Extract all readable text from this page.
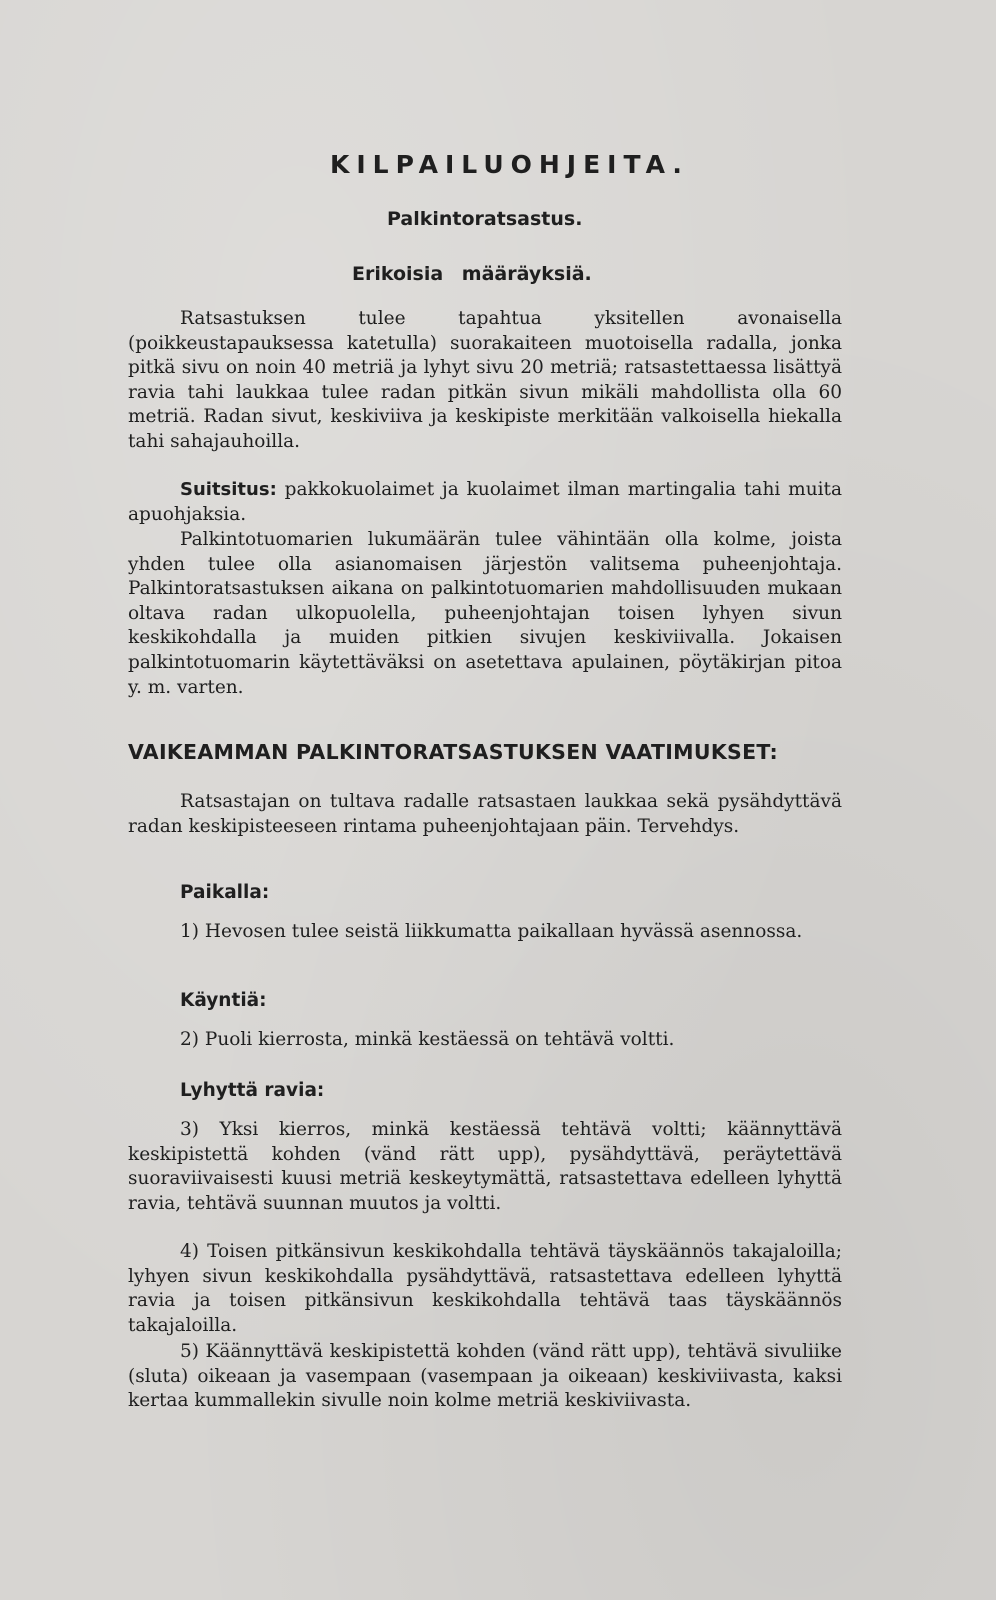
KILPAILUOHJEITA.
Palkintoratsastus.
Erikoisia määräyksiä.

Ratsastuksen tulee tapahtua yksitellen avonaisella (poikkeustapauksessa katetulla) suorakaiteen muotoisella radalla, jonka pitkä sivu on noin 40 metriä ja lyhyt sivu 20 metriä; ratsastettaessa lisättyä ravia tahi laukkaa tulee radan pitkän sivun mikäli mahdollista olla 60 metriä. Radan sivut, keskiviiva ja keskipiste merkitään valkoisella hiekalla tahi sahajauhoilla.

Suitsitus: pakkokuolaimet ja kuolaimet ilman martingalia tahi muita apuohjaksia.

Palkintotuomarien lukumäärän tulee vähintään olla kolme, joista yhden tulee olla asianomaisen järjestön valitsema puheenjohtaja. Palkintoratsastuksen aikana on palkintotuomarien mahdollisuuden mukaan oltava radan ulkopuolella, puheenjohtajan toisen lyhyen sivun keskikohdalla ja muiden pitkien sivujen keskiviivalla. Jokaisen palkintotuomarin käytettäväksi on asetettava apulainen, pöytäkirjan pitoa y. m. varten.

VAIKEAMMAN PALKINTORATSASTUKSEN VAATIMUKSET:

Ratsastajan on tultava radalle ratsastaen laukkaa sekä pysähdyttävä radan keskipisteeseen rintama puheenjohtajaan päin. Tervehdys.

Paikalla:

1) Hevosen tulee seistä liikkumatta paikallaan hyvässä asennossa.

Käyntiä:

2) Puoli kierrosta, minkä kestäessä on tehtävä voltti.

Lyhyttä ravia:

3) Yksi kierros, minkä kestäessä tehtävä voltti; käännyttävä keskipistettä kohden (vänd rätt upp), pysähdyttävä, peräytettävä suoraviivaisesti kuusi metriä keskeytymättä, ratsastettava edelleen lyhyttä ravia, tehtävä suunnan muutos ja voltti.

4) Toisen pitkänsivun keskikohdalla tehtävä täyskäännös takajaloilla; lyhyen sivun keskikohdalla pysähdyttävä, ratsastettava edelleen lyhyttä ravia ja toisen pitkänsivun keskikohdalla tehtävä taas täyskäännös takajaloilla.

5) Käännyttävä keskipistettä kohden (vänd rätt upp), tehtävä sivuliike (sluta) oikeaan ja vasempaan (vasempaan ja oikeaan) keskiviivasta, kaksi kertaa kummallekin sivulle noin kolme metriä keskiviivasta.
